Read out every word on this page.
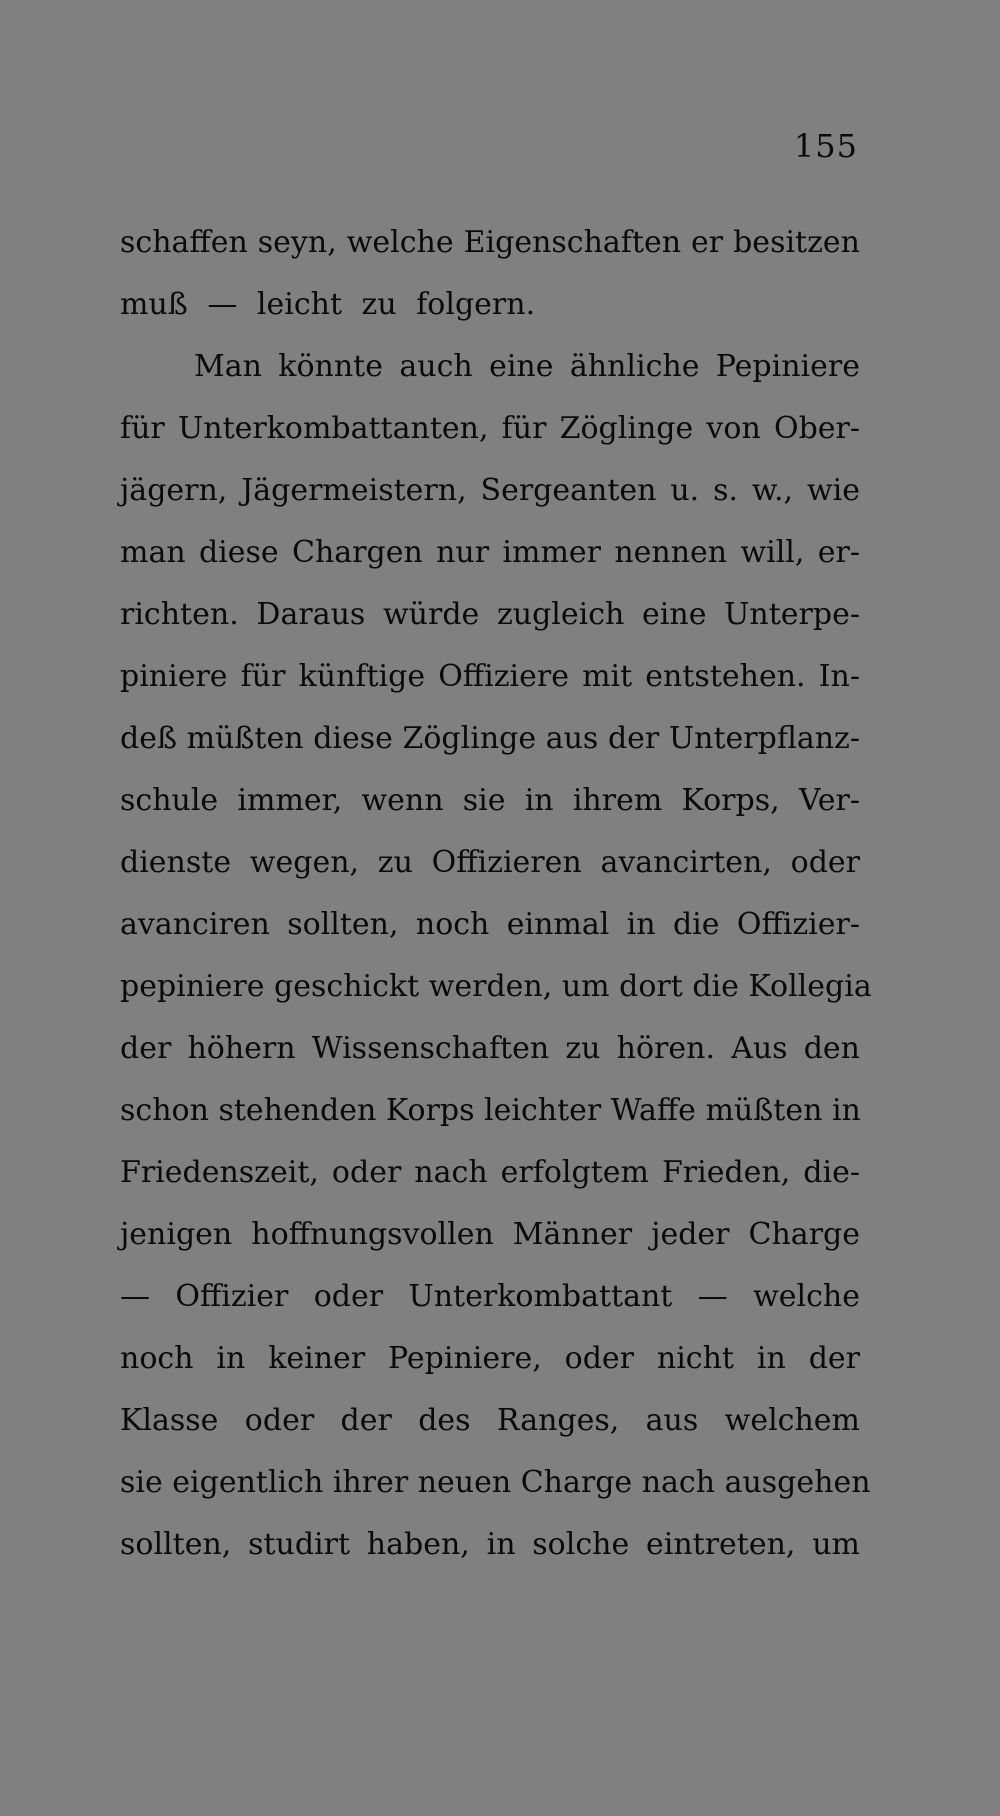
155
schaffen seyn, welche Eigenschaften er besitzen
muß — leicht zu folgern.
Man könnte auch eine ähnliche Pepiniere
für Unterkombattanten, für Zöglinge von Ober-
jägern, Jägermeistern, Sergeanten u. s. w., wie
man diese Chargen nur immer nennen will, er-
richten. Daraus würde zugleich eine Unterpe-
piniere für künftige Offiziere mit entstehen. In-
deß müßten diese Zöglinge aus der Unterpflanz-
schule immer, wenn sie in ihrem Korps, Ver-
dienste wegen, zu Offizieren avancirten, oder
avanciren sollten, noch einmal in die Offizier-
pepiniere geschickt werden, um dort die Kollegia
der höhern Wissenschaften zu hören. Aus den
schon stehenden Korps leichter Waffe müßten in
Friedenszeit, oder nach erfolgtem Frieden, die-
jenigen hoffnungsvollen Männer jeder Charge
— Offizier oder Unterkombattant — welche
noch in keiner Pepiniere, oder nicht in der
Klasse oder der des Ranges, aus welchem
sie eigentlich ihrer neuen Charge nach ausgehen
sollten, studirt haben, in solche eintreten, um
